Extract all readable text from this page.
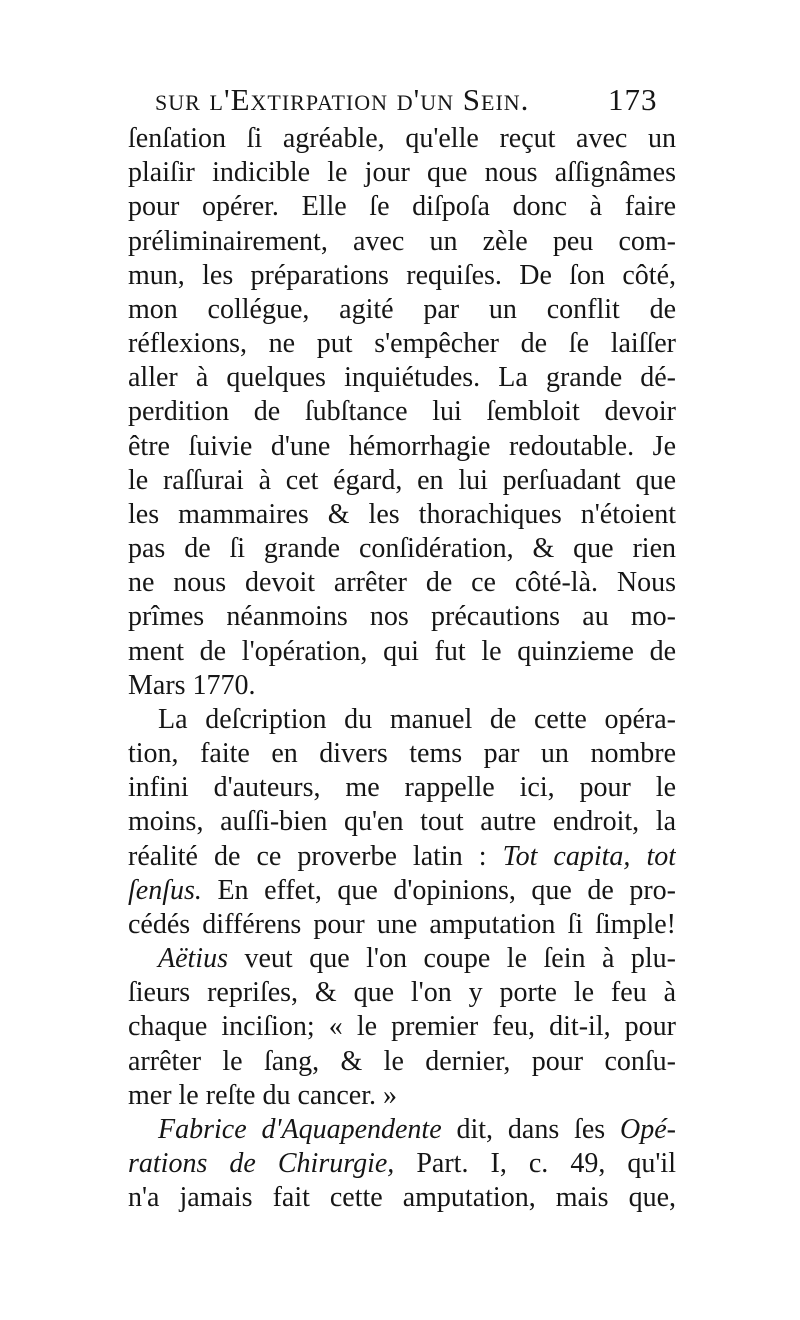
sur l'Extirpation d'un Sein.	173
ſenſation ſi agréable, qu'elle reçut avec un
plaiſir indicible le jour que nous aſſignâmes
pour opérer. Elle ſe diſpoſa donc à faire
préliminairement, avec un zèle peu com-
mun, les préparations requiſes. De ſon côté,
mon collégue, agité par un conflit de
réflexions, ne put s'empêcher de ſe laiſſer
aller à quelques inquiétudes. La grande dé-
perdition de ſubſtance lui ſembloit devoir
être ſuivie d'une hémorrhagie redoutable. Je
le raſſurai à cet égard, en lui perſuadant que
les mammaires & les thorachiques n'étoient
pas de ſi grande conſidération, & que rien
ne nous devoit arrêter de ce côté-là. Nous
prîmes néanmoins nos précautions au mo-
ment de l'opération, qui fut le quinzieme de
Mars 1770.
La deſcription du manuel de cette opéra-
tion, faite en divers tems par un nombre
infini d'auteurs, me rappelle ici, pour le
moins, auſſi-bien qu'en tout autre endroit, la
réalité de ce proverbe latin : Tot capita, tot
ſenſus. En effet, que d'opinions, que de pro-
cédés différens pour une amputation ſi ſimple!
Aëtius veut que l'on coupe le ſein à plu-
ſieurs repriſes, & que l'on y porte le feu à
chaque inciſion; « le premier feu, dit-il, pour
arrêter le ſang, & le dernier, pour conſu-
mer le reſte du cancer. »
Fabrice d'Aquapendente dit, dans ſes Opé-
rations de Chirurgie, Part. I, c. 49, qu'il
n'a jamais fait cette amputation, mais que,
